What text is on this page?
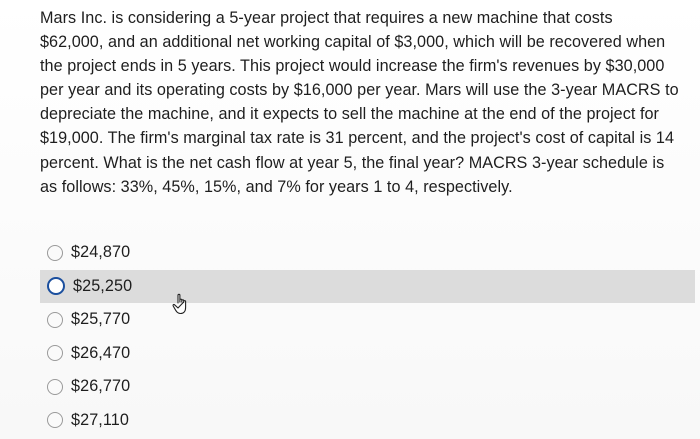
Mars Inc. is considering a 5-year project that requires a new machine that costs $62,000, and an additional net working capital of $3,000, which will be recovered when the project ends in 5 years. This project would increase the firm's revenues by $30,000 per year and its operating costs by $16,000 per year. Mars will use the 3-year MACRS to depreciate the machine, and it expects to sell the machine at the end of the project for $19,000. The firm's marginal tax rate is 31 percent, and the project's cost of capital is 14 percent. What is the net cash flow at year 5, the final year? MACRS 3-year schedule is as follows: 33%, 45%, 15%, and 7% for years 1 to 4, respectively.

$24,870
$25,250
$25,770
$26,470
$26,770
$27,110
